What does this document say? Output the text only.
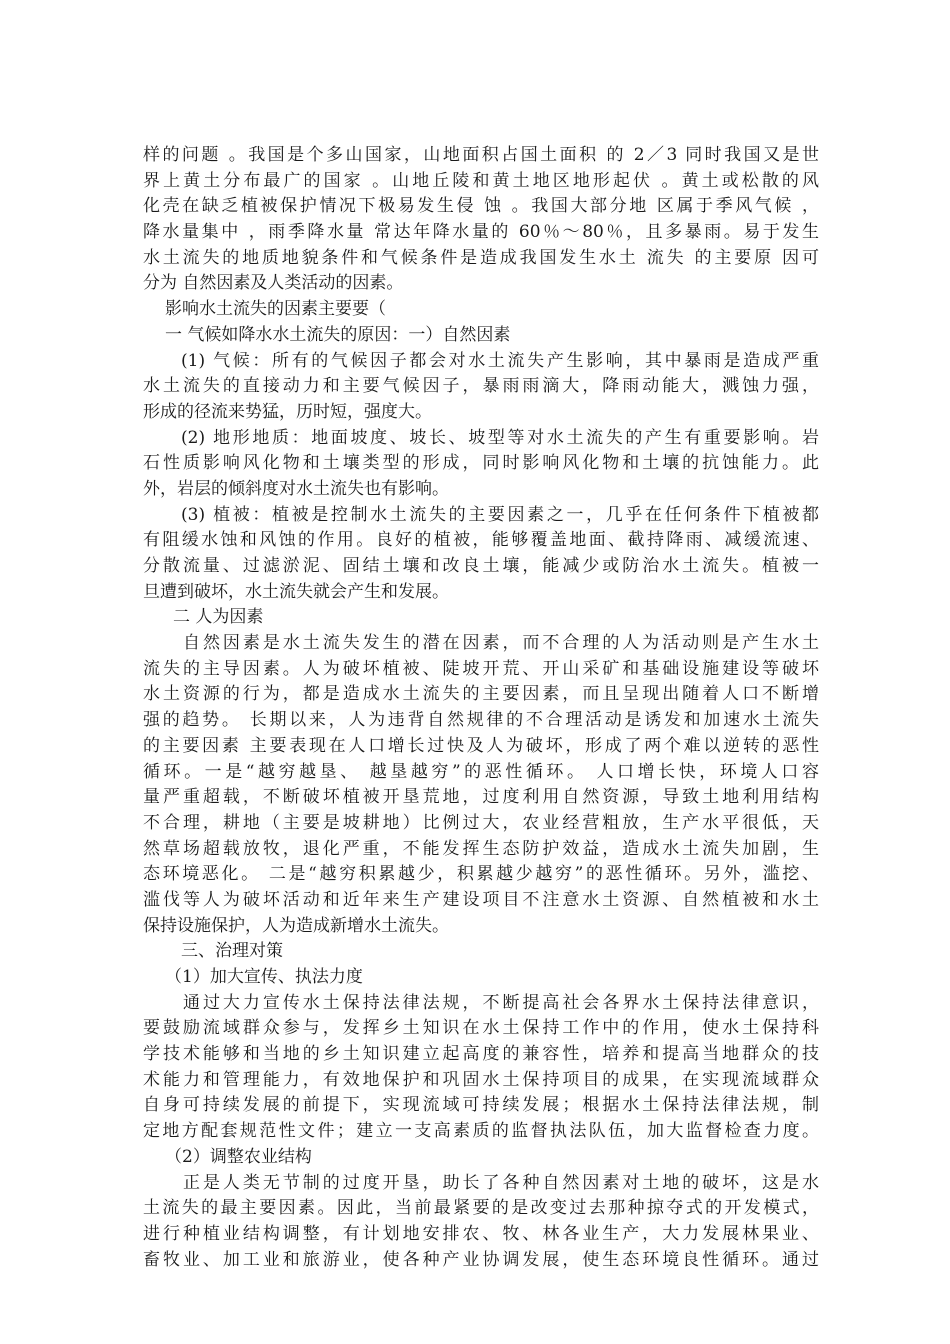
样的问题 。我国是个多山国家，山地面积占国土面积 的 2／3 同时我国又是世
界上黄土分布最广的国家 。山地丘陵和黄土地区地形起伏 。黄土或松散的风
化壳在缺乏植被保护情况下极易发生侵 蚀 。我国大部分地 区属于季风气候 ，
降水量集中 ，雨季降水量 常达年降水量的 60％～80％，且多暴雨。易于发生
水土流失的地质地貌条件和气候条件是造成我国发生水土 流失 的主要原 因可
分为 自然因素及人类活动的因素。
影响水土流失的因素主要要（
一 气候如降水水土流失的原因：一）自然因素
(1) 气候：所有的气候因子都会对水土流失产生影响，其中暴雨是造成严重
水土流失的直接动力和主要气候因子，暴雨雨滴大，降雨动能大，溅蚀力强，
形成的径流来势猛，历时短，强度大。
(2) 地形地质：地面坡度、坡长、坡型等对水土流失的产生有重要影响。岩
石性质影响风化物和土壤类型的形成，同时影响风化物和土壤的抗蚀能力。此
外，岩层的倾斜度对水土流失也有影响。
(3) 植被：植被是控制水土流失的主要因素之一，几乎在任何条件下植被都
有阻缓水蚀和风蚀的作用。良好的植被，能够覆盖地面、截持降雨、减缓流速、
分散流量、过滤淤泥、固结土壤和改良土壤，能减少或防治水土流失。植被一
旦遭到破坏，水土流失就会产生和发展。
二 人为因素
自然因素是水土流失发生的潜在因素，而不合理的人为活动则是产生水土
流失的主导因素。人为破坏植被、陡坡开荒、开山采矿和基础设施建设等破坏
水土资源的行为，都是造成水土流失的主要因素，而且呈现出随着人口不断增
强的趋势。 长期以来，人为违背自然规律的不合理活动是诱发和加速水土流失
的主要因素 主要表现在人口增长过快及人为破坏，形成了两个难以逆转的恶性
循环。一是“越穷越垦、 越垦越穷”的恶性循环。 人口增长快，环境人口容
量严重超载，不断破坏植被开垦荒地，过度利用自然资源，导致土地利用结构
不合理，耕地（主要是坡耕地）比例过大，农业经营粗放，生产水平很低，天
然草场超载放牧，退化严重，不能发挥生态防护效益，造成水土流失加剧，生
态环境恶化。 二是“越穷积累越少，积累越少越穷”的恶性循环。另外，滥挖、
滥伐等人为破坏活动和近年来生产建设项目不注意水土资源、自然植被和水土
保持设施保护，人为造成新增水土流失。
三、治理对策
（1）加大宣传、执法力度
通过大力宣传水土保持法律法规，不断提高社会各界水土保持法律意识，
要鼓励流域群众参与，发挥乡土知识在水土保持工作中的作用，使水土保持科
学技术能够和当地的乡土知识建立起高度的兼容性，培养和提高当地群众的技
术能力和管理能力，有效地保护和巩固水土保持项目的成果，在实现流域群众
自身可持续发展的前提下，实现流域可持续发展；根据水土保持法律法规，制
定地方配套规范性文件；建立一支高素质的监督执法队伍，加大监督检查力度。
（2）调整农业结构
正是人类无节制的过度开垦，助长了各种自然因素对土地的破坏，这是水
土流失的最主要因素。因此，当前最紧要的是改变过去那种掠夺式的开发模式，
进行种植业结构调整，有计划地安排农、牧、林各业生产，大力发展林果业、
畜牧业、加工业和旅游业，使各种产业协调发展，使生态环境良性循环。通过
